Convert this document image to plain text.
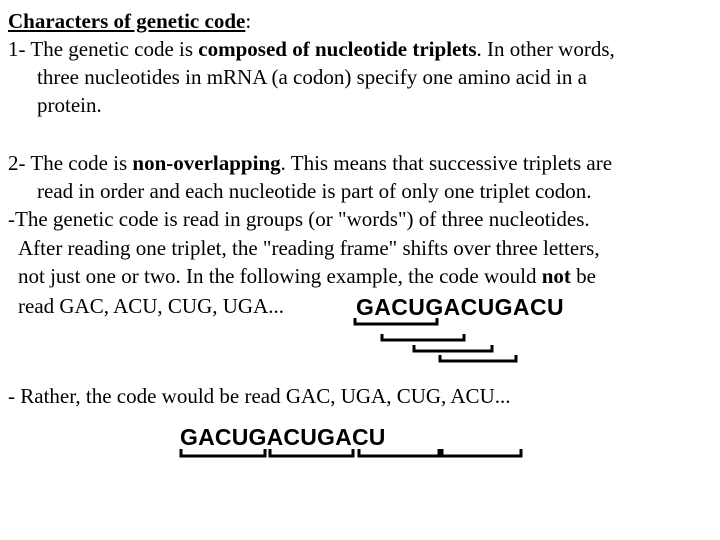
Characters of genetic code:
1- The genetic code is composed of nucleotide triplets. In other words,
three nucleotides in mRNA (a codon) specify one amino acid in a
protein.
2- The code is non-overlapping. This means that successive triplets are
read in order and each nucleotide is part of only one triplet codon.
-The genetic code is read in groups (or "words") of three nucleotides.
After reading one triplet, the "reading frame" shifts over three letters,
not just one or two. In the following example, the code would not be
read GAC, ACU, CUG, UGA...	GACUGACUGACU
- Rather, the code would be read GAC, UGA, CUG, ACU...
GACUGACUGACU
